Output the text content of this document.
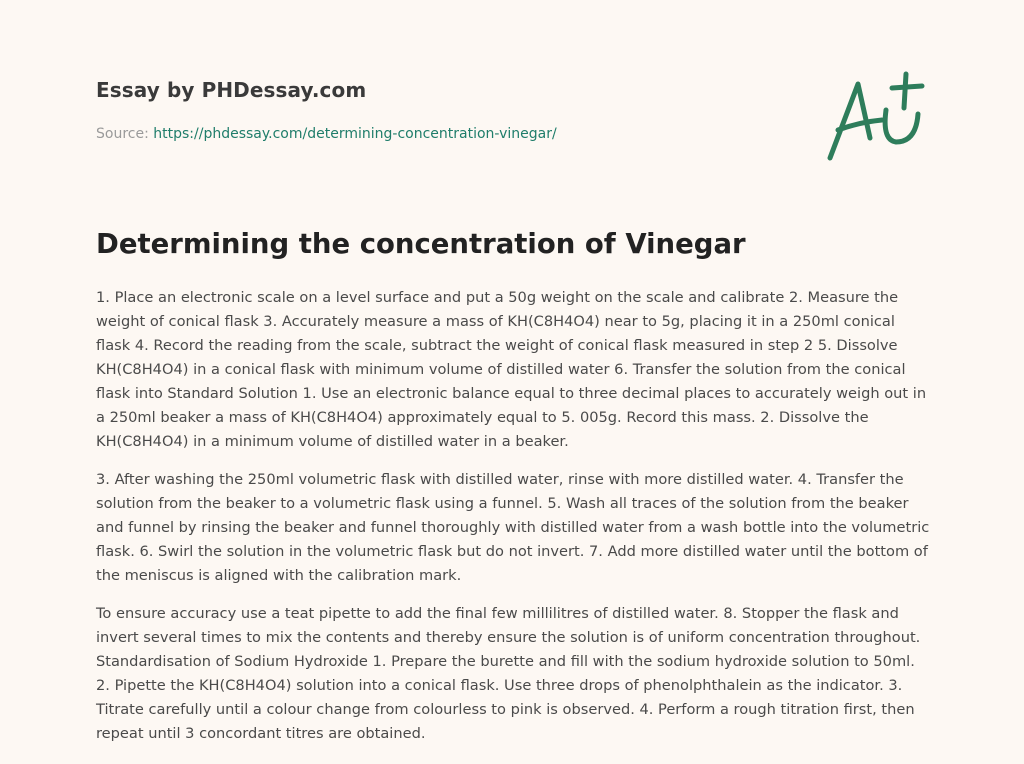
Essay by PHDessay.com
Source: https://phdessay.com/determining-concentration-vinegar/
Determining the concentration of Vinegar

1. Place an electronic scale on a level surface and put a 50g weight on the scale and calibrate 2. Measure the weight of conical flask 3. Accurately measure a mass of KH(C8H4O4) near to 5g, placing it in a 250ml conical flask 4. Record the reading from the scale, subtract the weight of conical flask measured in step 2 5. Dissolve KH(C8H4O4) in a conical flask with minimum volume of distilled water 6. Transfer the solution from the conical flask into Standard Solution 1. Use an electronic balance equal to three decimal places to accurately weigh out in a 250ml beaker a mass of KH(C8H4O4) approximately equal to 5. 005g. Record this mass. 2. Dissolve the KH(C8H4O4) in a minimum volume of distilled water in a beaker.

3. After washing the 250ml volumetric flask with distilled water, rinse with more distilled water. 4. Transfer the solution from the beaker to a volumetric flask using a funnel. 5. Wash all traces of the solution from the beaker and funnel by rinsing the beaker and funnel thoroughly with distilled water from a wash bottle into the volumetric flask. 6. Swirl the solution in the volumetric flask but do not invert. 7. Add more distilled water until the bottom of the meniscus is aligned with the calibration mark.

To ensure accuracy use a teat pipette to add the final few millilitres of distilled water. 8. Stopper the flask and invert several times to mix the contents and thereby ensure the solution is of uniform concentration throughout. Standardisation of Sodium Hydroxide 1. Prepare the burette and fill with the sodium hydroxide solution to 50ml. 2. Pipette the KH(C8H4O4) solution into a conical flask. Use three drops of phenolphthalein as the indicator. 3. Titrate carefully until a colour change from colourless to pink is observed. 4. Perform a rough titration first, then repeat until 3 concordant titres are obtained.
